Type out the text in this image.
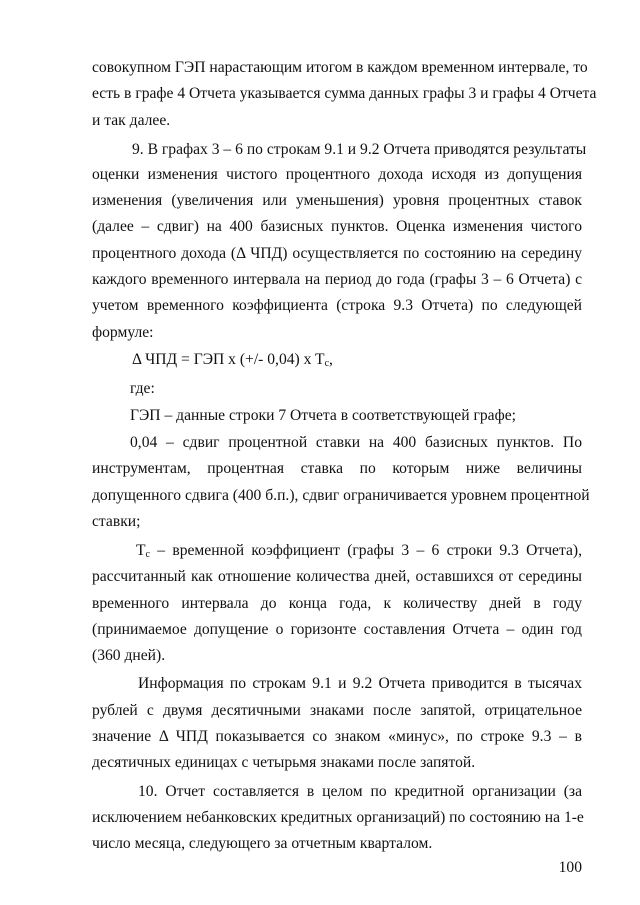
совокупном ГЭП нарастающим итогом в каждом временном интервале, то
есть в графе 4 Отчета указывается сумма данных графы 3 и графы 4 Отчета
и так далее.
9. В графах 3 – 6 по строкам 9.1 и 9.2 Отчета приводятся результаты
оценки изменения чистого процентного дохода исходя из допущения
изменения (увеличения или уменьшения) уровня процентных ставок
(далее – сдвиг) на 400 базисных пунктов. Оценка изменения чистого
процентного дохода (Δ ЧПД) осуществляется по состоянию на середину
каждого временного интервала на период до года (графы 3 – 6 Отчета) с
учетом временного коэффициента (строка 9.3 Отчета) по следующей
формуле:
Δ ЧПД = ГЭП x (+/- 0,04) x $T_c$,
где:
ГЭП – данные строки 7 Отчета в соответствующей графе;
0,04 – сдвиг процентной ставки на 400 базисных пунктов. По
инструментам, процентная ставка по которым ниже величины
допущенного сдвига (400 б.п.), сдвиг ограничивается уровнем процентной
ставки;
$T_c$ – временной коэффициент (графы 3 – 6 строки 9.3 Отчета),
рассчитанный как отношение количества дней, оставшихся от середины
временного интервала до конца года, к количеству дней в году
(принимаемое допущение о горизонте составления Отчета – один год
(360 дней).
Информация по строкам 9.1 и 9.2 Отчета приводится в тысячах
рублей с двумя десятичными знаками после запятой, отрицательное
значение Δ ЧПД показывается со знаком «минус», по строке 9.3 – в
десятичных единицах с четырьмя знаками после запятой.
10. Отчет составляется в целом по кредитной организации (за
исключением небанковских кредитных организаций) по состоянию на 1-е
число месяца, следующего за отчетным кварталом.
100
